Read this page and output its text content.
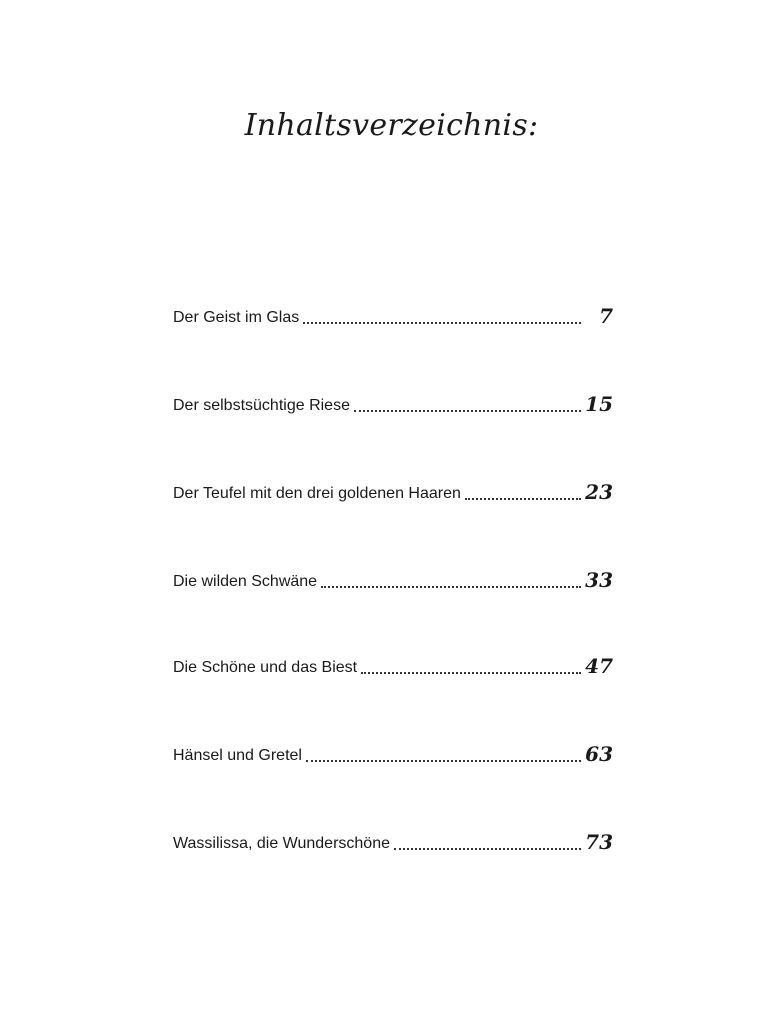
Inhaltsverzeichnis:
Der Geist im Glas	7
Der selbstsüchtige Riese	15
Der Teufel mit den drei goldenen Haaren	23
Die wilden Schwäne	33
Die Schöne und das Biest	47
Hänsel und Gretel	63
Wassilissa, die Wunderschöne	73
